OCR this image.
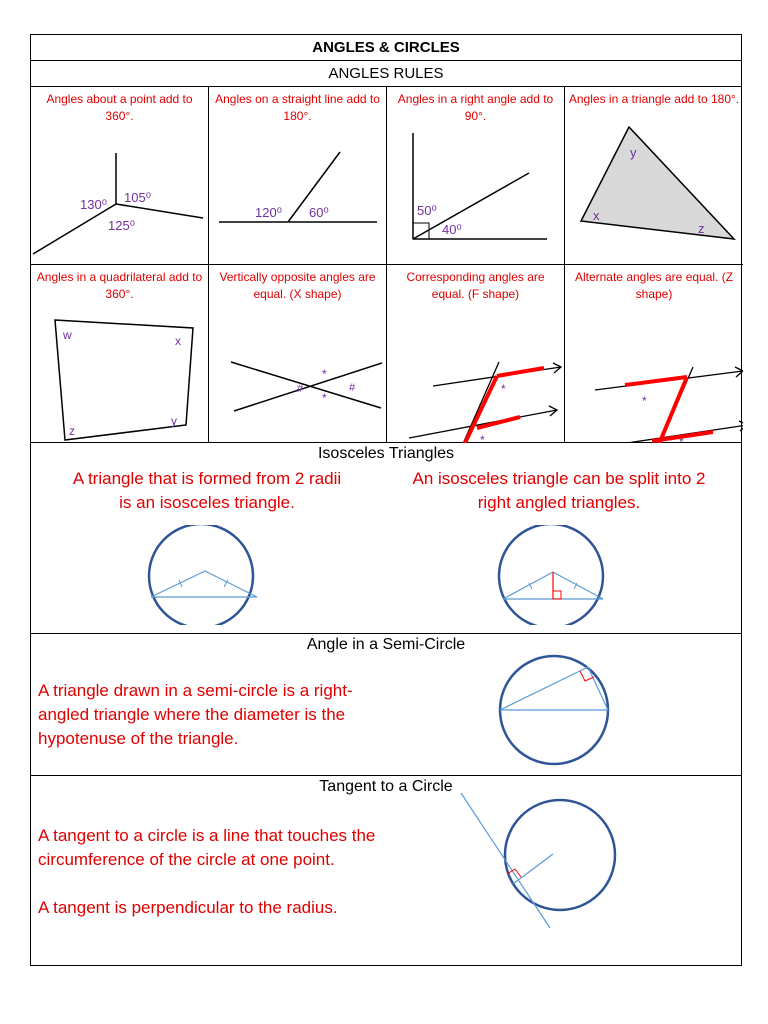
ANGLES & CIRCLES
ANGLES RULES
Angles about a point add to 360°.
130⁰ 105⁰
125⁰
Angles on a straight line add to 180°.
120⁰ 60⁰
Angles in a right angle add to 90°.
50⁰
40⁰
Angles in a triangle add to 180°.
y
x
z
Angles in a quadrilateral add to 360°.
w	x
y
z
Vertically opposite angles are equal. (X shape)
*
*
#	#
Corresponding angles are equal. (F shape)
*
*
Alternate angles are equal. (Z shape)
*
*
Isosceles Triangles
A triangle that is formed from 2 radii is an isosceles triangle.
An isosceles triangle can be split into 2 right angled triangles.
Angle in a Semi-Circle
A triangle drawn in a semi-circle is a right-angled triangle where the diameter is the hypotenuse of the triangle.
Tangent to a Circle
A tangent to a circle is a line that touches the circumference of the circle at one point.
A tangent is perpendicular to the radius.
